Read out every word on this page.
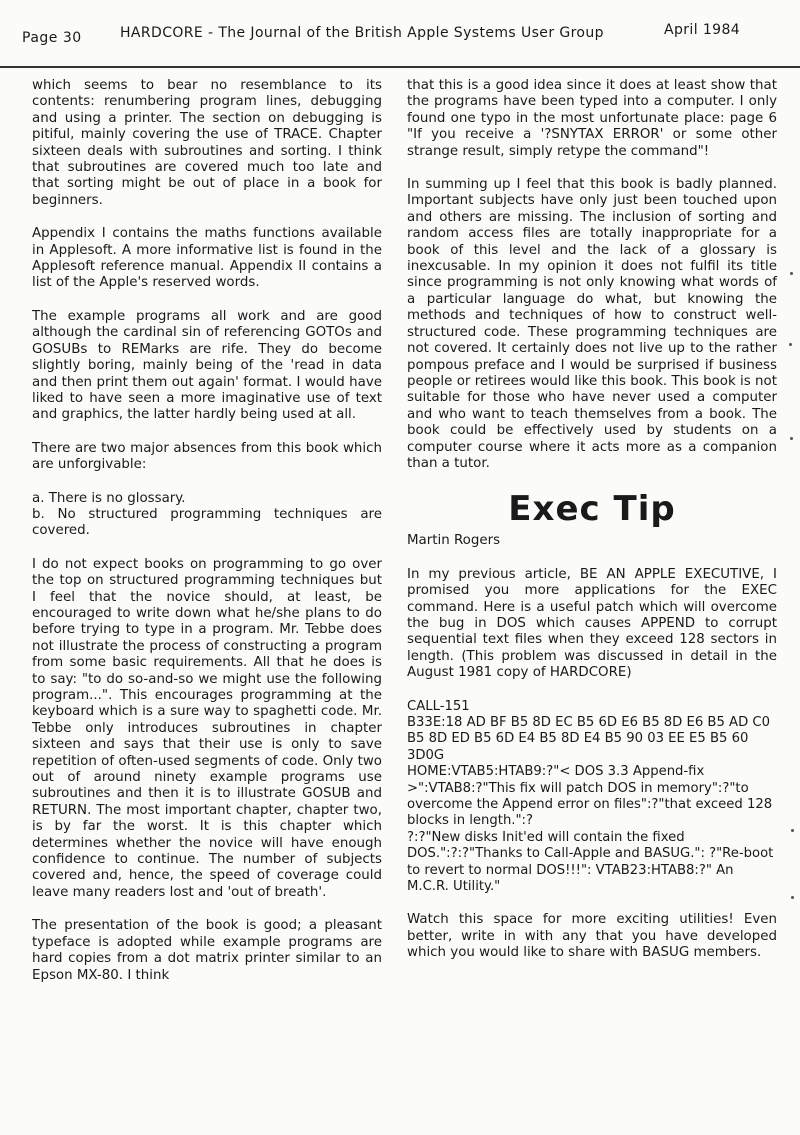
Page 30	HARDCORE - The Journal of the British Apple Systems User Group	April 1984

which seems to bear no resemblance to its contents: renumbering program lines, debugging and using a printer. The section on debugging is pitiful, mainly covering the use of TRACE. Chapter sixteen deals with subroutines and sorting. I think that subroutines are covered much too late and that sorting might be out of place in a book for beginners.

Appendix I contains the maths functions available in Applesoft. A more informative list is found in the Applesoft reference manual. Appendix II contains a list of the Apple's reserved words.

The example programs all work and are good although the cardinal sin of referencing GOTOs and GOSUBs to REMarks are rife. They do become slightly boring, mainly being of the 'read in data and then print them out again' format. I would have liked to have seen a more imaginative use of text and graphics, the latter hardly being used at all.

There are two major absences from this book which are unforgivable:

a. There is no glossary.

b. No structured programming techniques are covered.

I do not expect books on programming to go over the top on structured programming techniques but I feel that the novice should, at least, be encouraged to write down what he/she plans to do before trying to type in a program. Mr. Tebbe does not illustrate the process of constructing a program from some basic requirements. All that he does is to say: "to do so-and-so we might use the following program...". This encourages programming at the keyboard which is a sure way to spaghetti code. Mr. Tebbe only introduces subroutines in chapter sixteen and says that their use is only to save repetition of often-used segments of code. Only two out of around ninety example programs use subroutines and then it is to illustrate GOSUB and RETURN. The most important chapter, chapter two, is by far the worst. It is this chapter which determines whether the novice will have enough confidence to continue. The number of subjects covered and, hence, the speed of coverage could leave many readers lost and 'out of breath'.

The presentation of the book is good; a pleasant typeface is adopted while example programs are hard copies from a dot matrix printer similar to an Epson MX-80. I think

that this is a good idea since it does at least show that the programs have been typed into a computer. I only found one typo in the most unfortunate place: page 6 "If you receive a '?SNYTAX ERROR' or some other strange result, simply retype the command"!

In summing up I feel that this book is badly planned. Important subjects have only just been touched upon and others are missing. The inclusion of sorting and random access files are totally inappropriate for a book of this level and the lack of a glossary is inexcusable. In my opinion it does not fulfil its title since programming is not only knowing what words of a particular language do what, but knowing the methods and techniques of how to construct well-structured code. These programming techniques are not covered. It certainly does not live up to the rather pompous preface and I would be surprised if business people or retirees would like this book. This book is not suitable for those who have never used a computer and who want to teach themselves from a book. The book could be effectively used by students on a computer course where it acts more as a companion than a tutor.

Exec Tip
Martin Rogers

In my previous article, BE AN APPLE EXECUTIVE, I promised you more applications for the EXEC command. Here is a useful patch which will overcome the bug in DOS which causes APPEND to corrupt sequential text files when they exceed 128 sectors in length. (This problem was discussed in detail in the August 1981 copy of HARDCORE)

CALL-151
B33E:18 AD BF B5 8D EC B5 6D E6 B5 8D E6 B5 AD C0 B5 8D ED B5 6D E4 B5 8D E4 B5 90 03 EE E5 B5 60
3D0G
HOME:VTAB5:HTAB9:?"< DOS 3.3 Append-fix >":VTAB8:?"This fix will patch DOS in memory":?"to overcome the Append error on files":?"that exceed 128 blocks in length.":?
?:?"New disks Init'ed will contain the fixed DOS.":?:?"Thanks to Call-Apple and BASUG.": ?"Re-boot to revert to normal DOS!!!": VTAB23:HTAB8:?" An M.C.R. Utility."

Watch this space for more exciting utilities! Even better, write in with any that you have developed which you would like to share with BASUG members.
